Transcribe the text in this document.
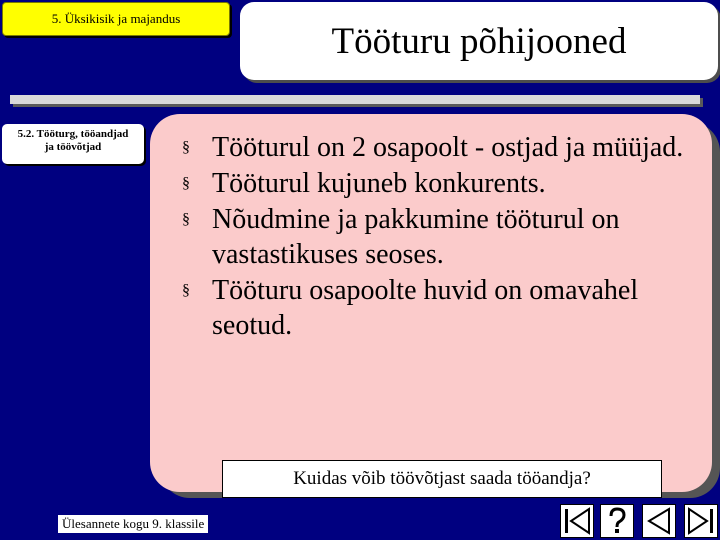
5. Üksikisik ja majandus
Tööturu põhijooned
5.2. Tööturg, tööandjad
ja töövõtjad	§ Tööturul on 2 osapoolt - ostjad ja müüjad.
§ Tööturul kujuneb konkurents.
§ Nõudmine ja pakkumine tööturul on vastastikuses seoses.
§ Tööturu osapoolte huvid on omavahel seotud.
Kuidas võib töövõtjast saada tööandja?
Ülesannete kogu 9. klassile
